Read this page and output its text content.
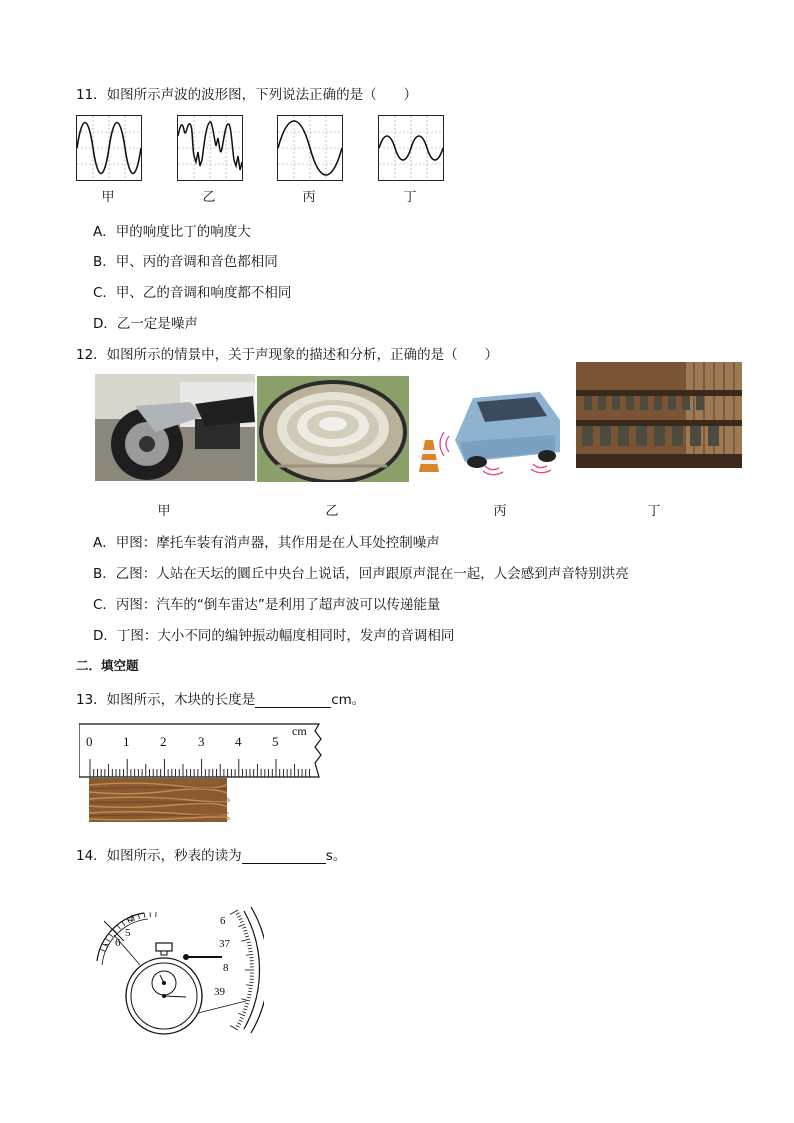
11．如图所示声波的波形图，下列说法正确的是（　　）
甲	乙	丙	丁
A．甲的响度比丁的响度大
B．甲、丙的音调和音色都相同
C．甲、乙的音调和响度都不相同
D．乙一定是噪声
12．如图所示的情景中，关于声现象的描述和分析，正确的是（　　）
甲	乙	丙	丁
A．甲图：摩托车装有消声器，其作用是在人耳处控制噪声
B．乙图：人站在天坛的圜丘中央台上说话，回声跟原声混在一起，人会感到声音特别洪亮
C．丙图：汽车的“倒车雷达”是利用了超声波可以传递能量
D．丁图：大小不同的编钟振动幅度相同时，发声的音调相同
二．填空题
13．如图所示，木块的长度是	cm。
0 1 2 3 4 5
cm
14．如图所示，秒表的读为	s。
4
5
6
7
6
37
8
39
